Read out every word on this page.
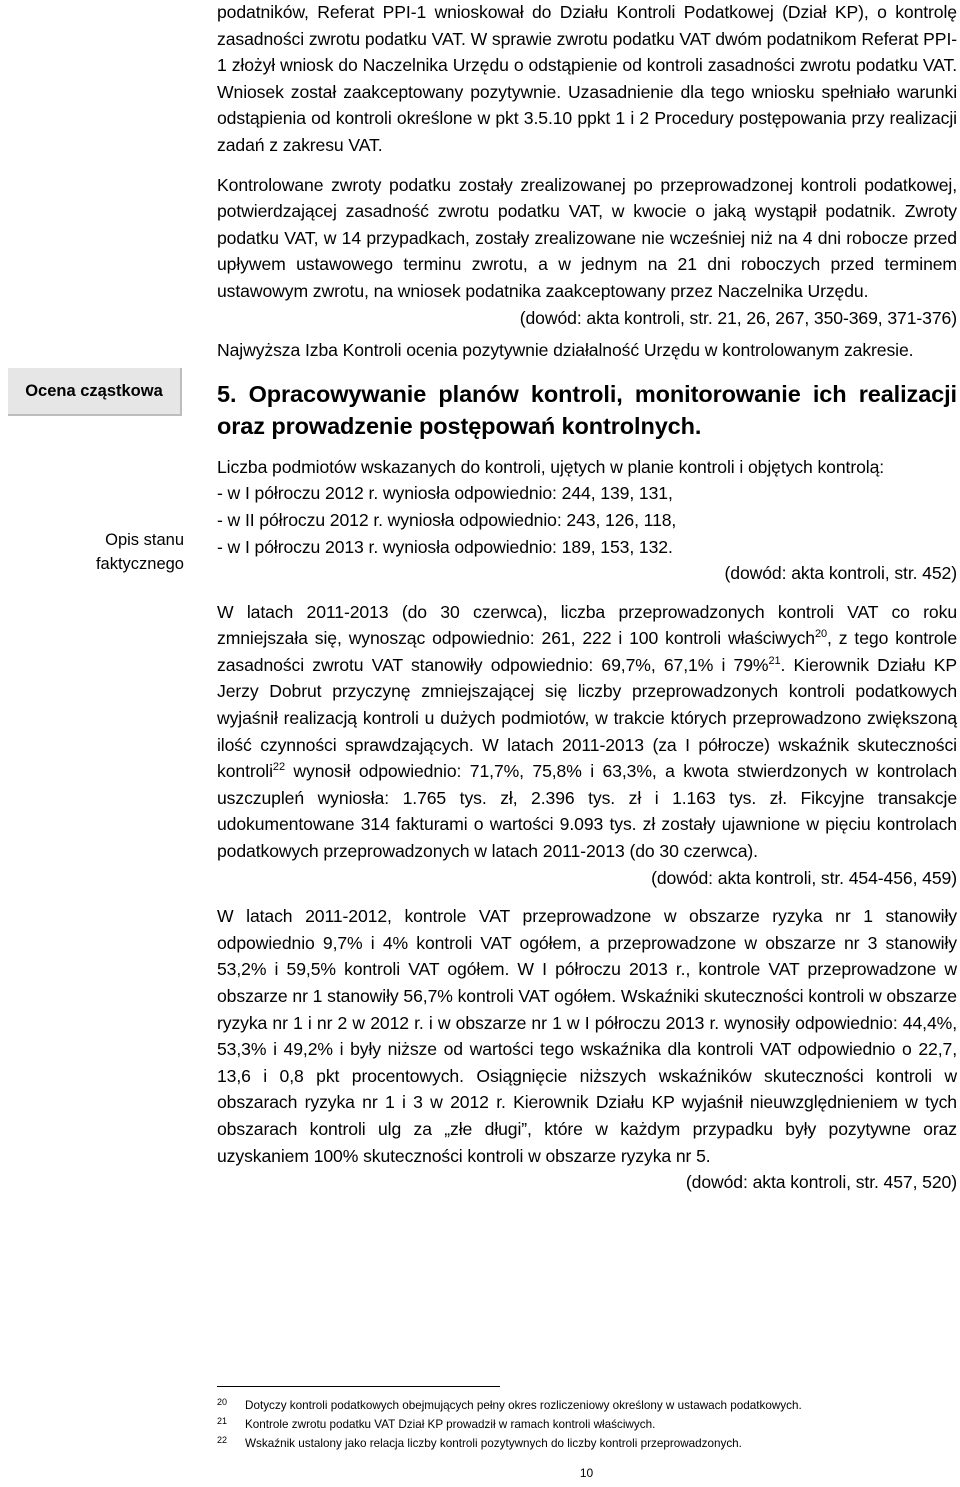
Ocena cząstkowa
Opis stanu
faktycznego

podatników, Referat PPI-1 wnioskował do Działu Kontroli Podatkowej (Dział KP), o kontrolę zasadności zwrotu podatku VAT. W sprawie zwrotu podatku VAT dwóm podatnikom Referat PPI-1 złożył wniosk do Naczelnika Urzędu o odstąpienie od kontroli zasadności zwrotu podatku VAT. Wniosek został zaakceptowany pozytywnie. Uzasadnienie dla tego wniosku spełniało warunki odstąpienia od kontroli określone w pkt 3.5.10 ppkt 1 i 2 Procedury postępowania przy realizacji zadań z zakresu VAT.

Kontrolowane zwroty podatku zostały zrealizowanej po przeprowadzonej kontroli podatkowej, potwierdzającej zasadność zwrotu podatku VAT, w kwocie o jaką wystąpił podatnik. Zwroty podatku VAT, w 14 przypadkach, zostały zrealizowane nie wcześniej niż na 4 dni robocze przed upływem ustawowego terminu zwrotu, a w jednym na 21 dni roboczych przed terminem ustawowym zwrotu, na wniosek podatnika zaakceptowany przez Naczelnika Urzędu.

(dowód: akta kontroli, str. 21, 26, 267, 350-369, 371-376)

Najwyższa Izba Kontroli ocenia pozytywnie działalność Urzędu w kontrolowanym zakresie.

5. Opracowywanie planów kontroli, monitorowanie ich realizacji oraz prowadzenie postępowań kontrolnych.

Liczba podmiotów wskazanych do kontroli, ujętych w planie kontroli i objętych kontrolą:

- w I półroczu 2012 r. wyniosła odpowiednio: 244, 139, 131,

- w II półroczu 2012 r. wyniosła odpowiednio: 243, 126, 118,

- w I półroczu 2013 r. wyniosła odpowiednio: 189, 153, 132.

(dowód: akta kontroli, str. 452)

W latach 2011-2013 (do 30 czerwca), liczba przeprowadzonych kontroli VAT co roku zmniejszała się, wynosząc odpowiednio: 261, 222 i 100 kontroli właściwych$^{20}$, z tego kontrole zasadności zwrotu VAT stanowiły odpowiednio: 69,7%, 67,1% i 79%$^{21}$. Kierownik Działu KP Jerzy Dobrut przyczynę zmniejszającej się liczby przeprowadzonych kontroli podatkowych wyjaśnił realizacją kontroli u dużych podmiotów, w trakcie których przeprowadzono zwiększoną ilość czynności sprawdzających. W latach 2011-2013 (za I półrocze) wskaźnik skuteczności kontroli$^{22}$ wynosił odpowiednio: 71,7%, 75,8% i 63,3%, a kwota stwierdzonych w kontrolach uszczupleń wyniosła: 1.765 tys. zł, 2.396 tys. zł i 1.163 tys. zł. Fikcyjne transakcje udokumentowane 314 fakturami o wartości 9.093 tys. zł zostały ujawnione w pięciu kontrolach podatkowych przeprowadzonych w latach 2011-2013 (do 30 czerwca).

(dowód: akta kontroli, str. 454-456, 459)

W latach 2011-2012, kontrole VAT przeprowadzone w obszarze ryzyka nr 1 stanowiły odpowiednio 9,7% i 4% kontroli VAT ogółem, a przeprowadzone w obszarze nr 3 stanowiły 53,2% i 59,5% kontroli VAT ogółem. W I półroczu 2013 r., kontrole VAT przeprowadzone w obszarze nr 1 stanowiły 56,7% kontroli VAT ogółem. Wskaźniki skuteczności kontroli w obszarze ryzyka nr 1 i nr 2 w 2012 r. i w obszarze nr 1 w I półroczu 2013 r. wynosiły odpowiednio: 44,4%, 53,3% i 49,2% i były niższe od wartości tego wskaźnika dla kontroli VAT odpowiednio o 22,7, 13,6 i 0,8 pkt procentowych. Osiągnięcie niższych wskaźników skuteczności kontroli w obszarach ryzyka nr 1 i 3 w 2012 r. Kierownik Działu KP wyjaśnił nieuwzględnieniem w tych obszarach kontroli ulg za „złe długi”, które w każdym przypadku były pozytywne oraz uzyskaniem 100% skuteczności kontroli w obszarze ryzyka nr 5.

(dowód: akta kontroli, str. 457, 520)

20	Dotyczy kontroli podatkowych obejmujących pełny okres rozliczeniowy określony w ustawach podatkowych.
21	Kontrole zwrotu podatku VAT Dział KP prowadził w ramach kontroli właściwych.
22	Wskaźnik ustalony jako relacja liczby kontroli pozytywnych do liczby kontroli przeprowadzonych.
10
